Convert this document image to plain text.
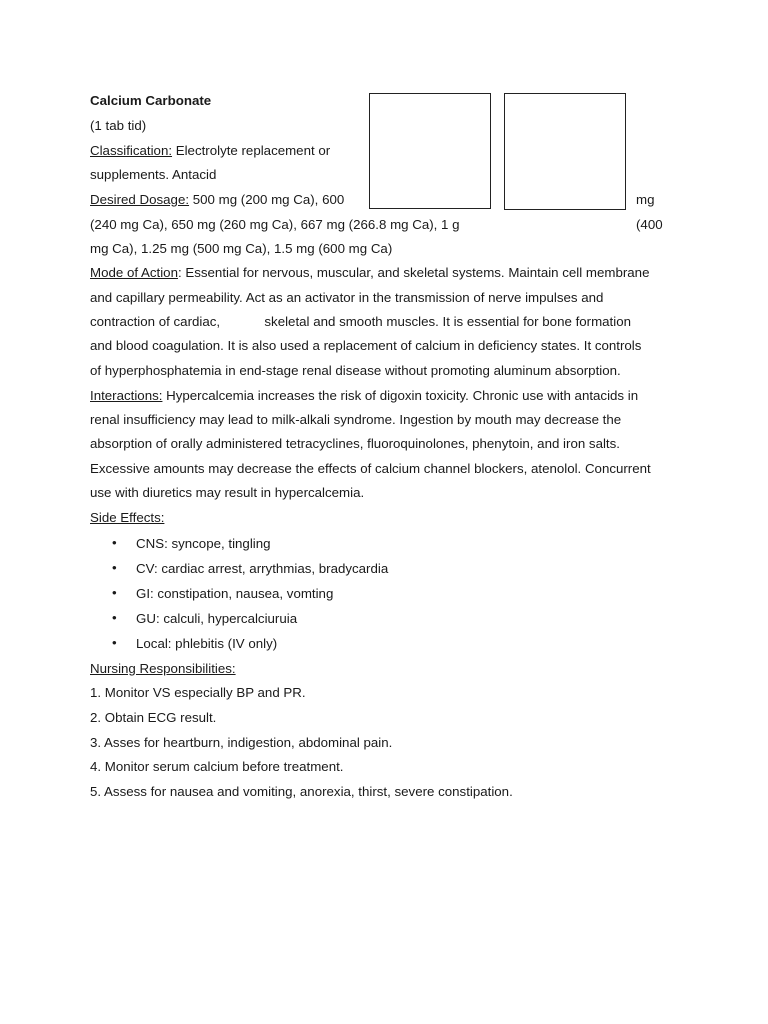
Calcium Carbonate
(1 tab tid)
Classification: Electrolyte replacement or
supplements. Antacid
Desired Dosage: 500 mg (200 mg Ca), 600	mg
(240 mg Ca), 650 mg (260 mg Ca), 667 mg (266.8 mg Ca), 1 g	(400
mg Ca), 1.25 mg (500 mg Ca), 1.5 mg (600 mg Ca)
Mode of Action: Essential for nervous, muscular, and skeletal systems. Maintain cell membrane
and capillary permeability. Act as an activator in the transmission of nerve impulses and
contraction of cardiac,            skeletal and smooth muscles. It is essential for bone formation
and blood coagulation. It is also used a replacement of calcium in deficiency states. It controls
of hyperphosphatemia in end-stage renal disease without promoting aluminum absorption.
Interactions: Hypercalcemia increases the risk of digoxin toxicity. Chronic use with antacids in
renal insufficiency may lead to milk-alkali syndrome. Ingestion by mouth may decrease the
absorption of orally administered tetracyclines, fluoroquinolones, phenytoin, and iron salts.
Excessive amounts may decrease the effects of calcium channel blockers, atenolol. Concurrent
use with diuretics may result in hypercalcemia.
Side Effects:
• CNS: syncope, tingling
• CV: cardiac arrest, arrythmias, bradycardia
• GI: constipation, nausea, vomting
• GU: calculi, hypercalciuruia
• Local: phlebitis (IV only)
Nursing Responsibilities:
1. Monitor VS especially BP and PR.
2. Obtain ECG result.
3. Asses for heartburn, indigestion, abdominal pain.
4. Monitor serum calcium before treatment.
5. Assess for nausea and vomiting, anorexia, thirst, severe constipation.
